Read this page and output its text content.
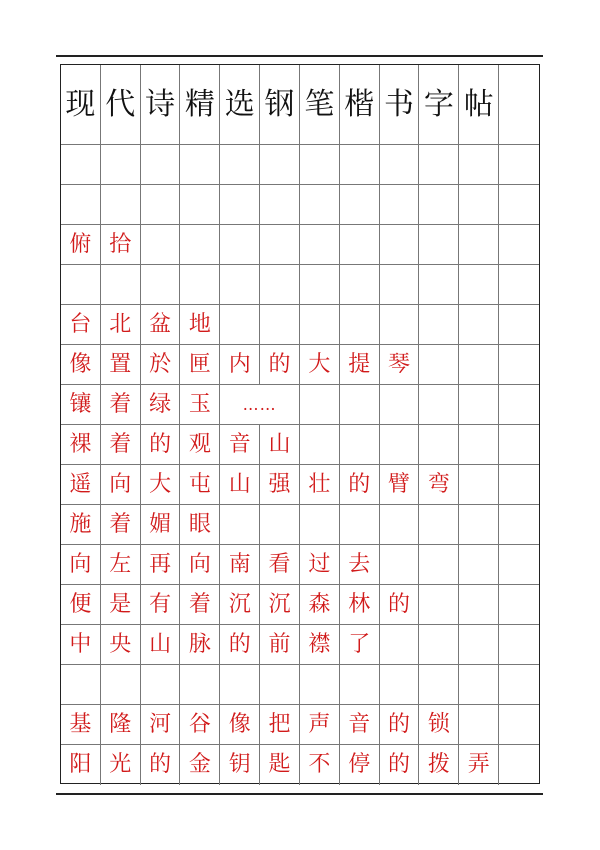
现 代 诗 精 选 钢 笔 楷 书 字 帖
俯 拾
台 北 盆 地
像 置 於 匣 内 的 大 提 琴
镶 着 绿 玉	……
裸 着 的 观 音 山
遥 向 大 屯 山 强 壮 的 臂 弯
施 着 媚 眼
向 左 再 向 南 看 过 去
便 是 有 着 沉 沉 森 林 的
中 央 山 脉 的 前 襟 了
基 隆 河 谷 像 把 声 音 的 锁
阳 光 的 金 钥 匙 不 停 的 拨 弄
